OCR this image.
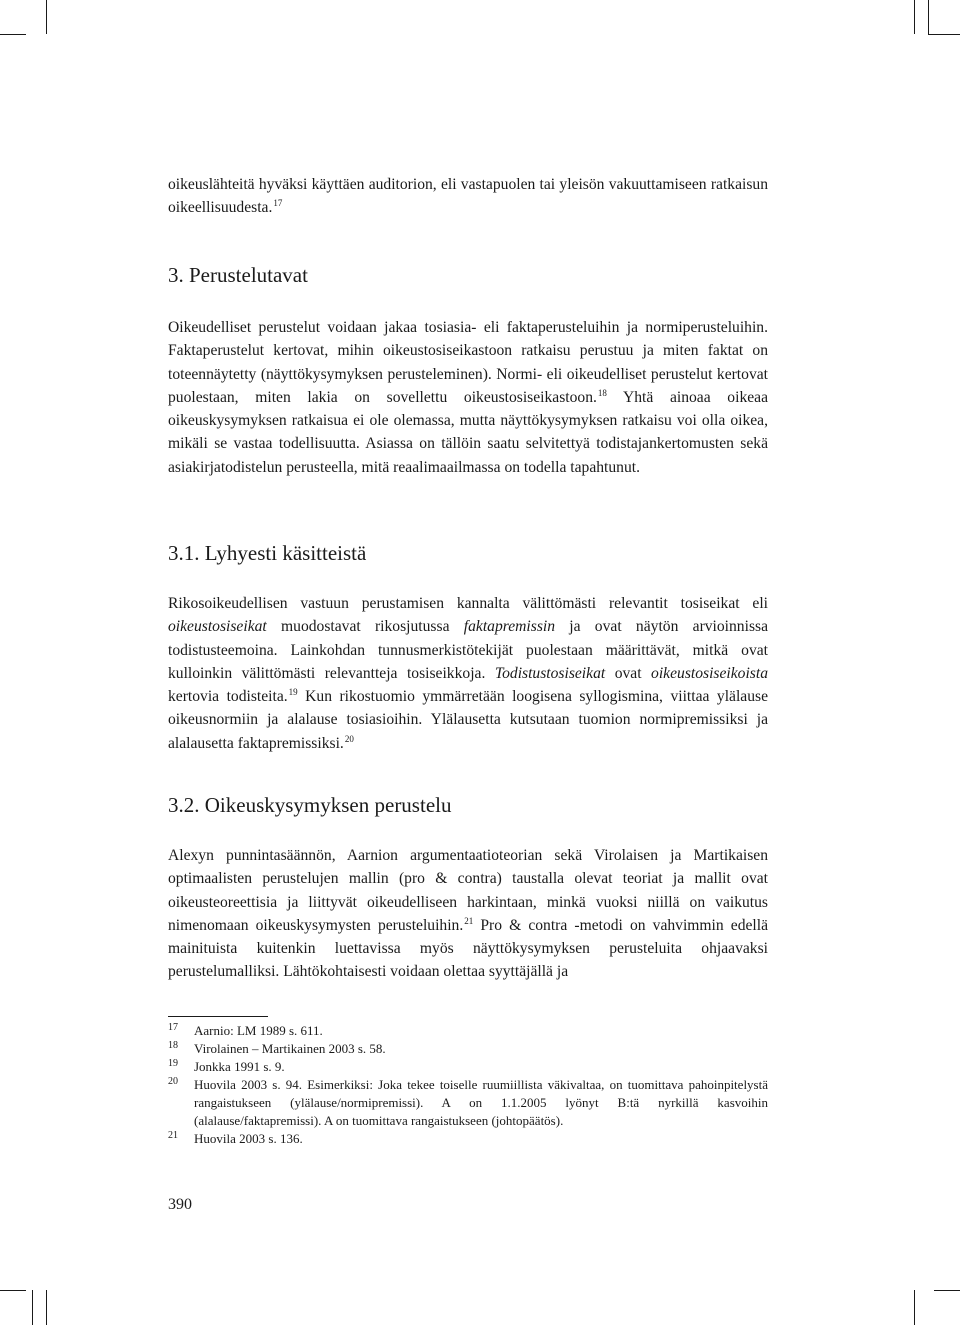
oikeuslähteitä hyväksi käyttäen auditorion, eli vastapuolen tai yleisön vakuuttamiseen ratkaisun oikeellisuudesta.$^{17}$

3. Perustelutavat

Oikeudelliset perustelut voidaan jakaa tosiasia- eli faktaperusteluihin ja normiperusteluihin. Faktaperustelut kertovat, mihin oikeustosiseikastoon ratkaisu perustuu ja miten faktat on toteennäytetty (näyttökysymyksen perusteleminen). Normi- eli oikeudelliset perustelut kertovat puolestaan, miten lakia on sovellettu oikeustosiseikastoon.$^{18}$ Yhtä ainoaa oikeaa oikeuskysymyksen ratkaisua ei ole olemassa, mutta näyttökysymyksen ratkaisu voi olla oikea, mikäli se vastaa todellisuutta. Asiassa on tällöin saatu selvitettyä todistajankertomusten sekä asiakirjatodistelun perusteella, mitä reaalimaailmassa on todella tapahtunut.

3.1. Lyhyesti käsitteistä

Rikosoikeudellisen vastuun perustamisen kannalta välittömästi relevantit tosiseikat eli oikeustosiseikat muodostavat rikosjutussa faktapremissin ja ovat näytön arvioinnissa todistusteemoina. Lainkohdan tunnusmerkistötekijät puolestaan määrittävät, mitkä ovat kulloinkin välittömästi relevantteja tosiseikkoja. Todistustosiseikat ovat oikeustosiseikoista kertovia todisteita.$^{19}$ Kun rikostuomio ymmärretään loogisena syllogismina, viittaa ylälause oikeusnormiin ja alalause tosiasioihin. Ylälausetta kutsutaan tuomion normipremissiksi ja alalausetta faktapremissiksi.$^{20}$

3.2. Oikeuskysymyksen perustelu

Alexyn punnintasäännön, Aarnion argumentaatioteorian sekä Virolaisen ja Martikaisen optimaalisten perustelujen mallin (pro & contra) taustalla olevat teoriat ja mallit ovat oikeusteoreettisia ja liittyvät oikeudelliseen harkintaan, minkä vuoksi niillä on vaikutus nimenomaan oikeuskysymysten perusteluihin.$^{21}$ Pro & contra -metodi on vahvimmin edellä mainituista kuitenkin luettavissa myös näyttökysymyksen perusteluita ohjaavaksi perustelumalliksi. Lähtökohtaisesti voidaan olettaa syyttäjällä ja

17 Aarnio: LM 1989 s. 611.
18 Virolainen – Martikainen 2003 s. 58.
19 Jonkka 1991 s. 9.
20 Huovila 2003 s. 94. Esimerkiksi: Joka tekee toiselle ruumiillista väkivaltaa, on tuomittava pahoinpitelystä rangaistukseen (ylälause/normipremissi). A on 1.1.2005 lyönyt B:tä nyrkillä kasvoihin (alalause/faktapremissi). A on tuomittava rangaistukseen (johtopäätös).
21 Huovila 2003 s. 136.
390
